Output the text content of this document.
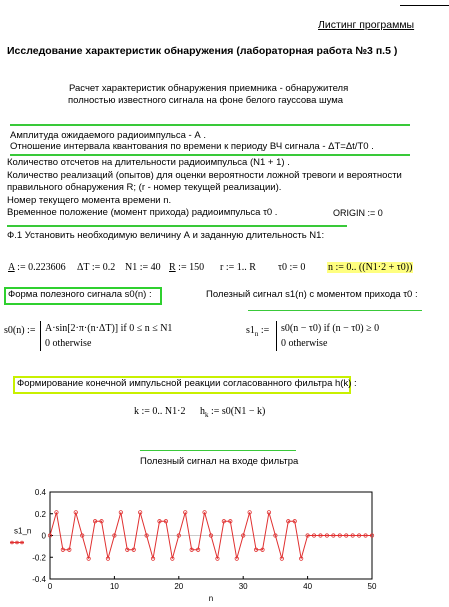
Листинг программы
Исследование характеристик обнаружения (лабораторная работа №3 п.5 )
Расчет характеристик обнаружения приемника - обнаружителя
полностью известного сигнала на фоне белого гауссова шума
Амплитуда ожидаемого радиоимпульса - А .
Отношение интервала квантования по времени к периоду ВЧ сигнала - ΔT=Δt/T0 .
Количество отсчетов на длительности радиоимпульса (N1 + 1) .
Количество реализаций (опытов) для оценки вероятности ложной тревоги и вероятности
правильного обнаружения R; (r - номер текущей реализации).
Номер текущего момента времени n.
Временное положение (момент прихода) радиоимпульса τ0 .	ORIGIN := 0
Ф.1 Установить необходимую величину А и заданную длительность N1:
A := 0.223606 ΔT := 0.2 N1 := 40 R := 150 r := 1.. R τ0 := 0 n := 0.. ((N1·2 + τ0))
Форма полезного сигнала s0(n) :	Полезный сигнал s1(n) с моментом прихода τ0 :
s0(n) := A·sin[2·π·(n·ΔT)] if 0 ≤ n ≤ N1
0 otherwise
$s1_n$ := s0(n − τ0) if (n − τ0) ≥ 0
0 otherwise
Формирование конечной импульсной реакции согласованного фильтра h(k) :
k := 0.. N1·2 $h_k$ := s0(N1 − k)
Полезный сигнал на входе фильтра
0.4
0.2
0
-0.2
-0.4
0	10	20	30	40	50
n
s1_n
